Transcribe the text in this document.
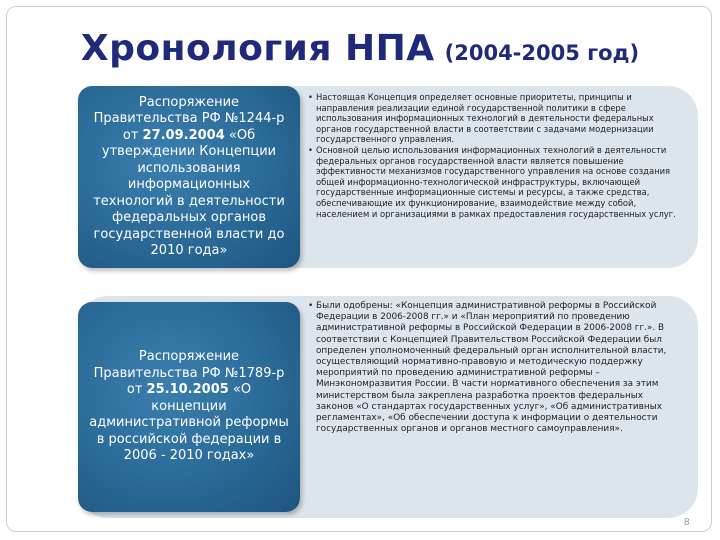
Хронология НПА (2004-2005 год)
Распоряжение Правительства РФ №1244-р от 27.09.2004 «Об утверждении Концепции использования информационных технологий в деятельности федеральных органов государственной власти до 2010 года»
• Настоящая Концепция определяет основные приоритеты, принципы и направления реализации единой государственной политики в сфере использования информационных технологий в деятельности федеральных органов государственной власти в соответствии с задачами модернизации государственного управления.
• Основной целью использования информационных технологий в деятельности федеральных органов государственной власти является повышение эффективности механизмов государственного управления на основе создания общей информационно-технологической инфраструктуры, включающей государственные информационные системы и ресурсы, а также средства, обеспечивающие их функционирование, взаимодействие между собой, населением и организациями в рамках предоставления государственных услуг.
Распоряжение Правительства РФ №1789-р от 25.10.2005 «О концепции административной реформы в российской федерации в 2006 - 2010 годах»
• Были одобрены: «Концепция административной реформы в Российской Федерации в 2006-2008 гг.» и «План мероприятий по проведению административной реформы в Российской Федерации в 2006-2008 гг.». В соответствии с Концепцией Правительством Российской Федерации был определен уполномоченный федеральный орган исполнительной власти, осуществляющий нормативно-правовую и методическую поддержку мероприятий по проведению административной реформы – Минэкономразвития России. В части нормативного обеспечения за этим министерством была закреплена разработка проектов федеральных законов «О стандартах государственных услуг», «Об административных регламентах», «Об обеспечении доступа к информации о деятельности государственных органов и органов местного самоуправления».
8
